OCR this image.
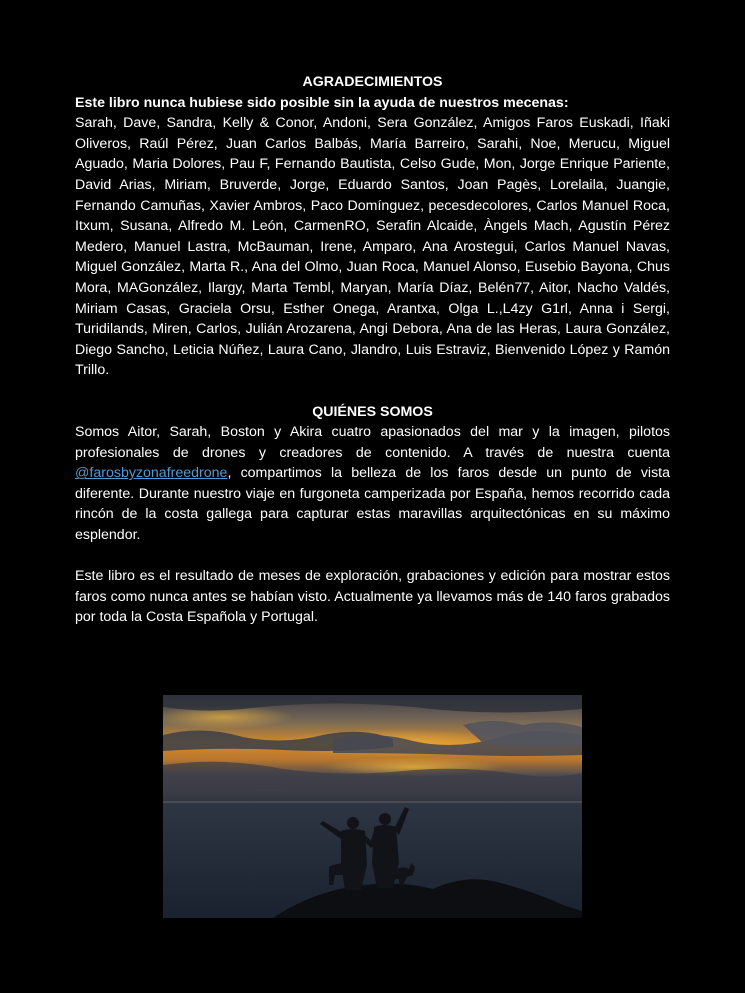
AGRADECIMIENTOS

Este libro nunca hubiese sido posible sin la ayuda de nuestros mecenas:

Sarah, Dave, Sandra, Kelly & Conor, Andoni, Sera González, Amigos Faros Euskadi, Iñaki Oliveros, Raúl Pérez, Juan Carlos Balbás, María Barreiro, Sarahi, Noe, Merucu, Miguel Aguado, Maria Dolores, Pau F, Fernando Bautista, Celso Gude, Mon, Jorge Enrique Pariente, David Arias, Miriam, Bruverde, Jorge, Eduardo Santos, Joan Pagès, Lorelaila, Juangie, Fernando Camuñas, Xavier Ambros, Paco Domínguez, pecesdecolores, Carlos Manuel Roca, Itxum, Susana, Alfredo M. León, CarmenRO, Serafin Alcaide, Àngels Mach, Agustín Pérez Medero, Manuel Lastra, McBauman, Irene, Amparo, Ana Arostegui, Carlos Manuel Navas, Miguel González, Marta R., Ana del Olmo, Juan Roca, Manuel Alonso, Eusebio Bayona, Chus Mora, MAGonzález, Ilargy, Marta Tembl, Maryan, María Díaz, Belén77, Aitor, Nacho Valdés, Miriam Casas, Graciela Orsu, Esther Onega, Arantxa, Olga L.,L4zy G1rl, Anna i Sergi, Turidilands, Miren, Carlos, Julián Arozarena, Angi Debora, Ana de las Heras, Laura González, Diego Sancho, Leticia Núñez, Laura Cano, Jlandro, Luis Estraviz, Bienvenido López y Ramón Trillo.

QUIÉNES SOMOS

Somos Aitor, Sarah, Boston y Akira cuatro apasionados del mar y la imagen, pilotos profesionales de drones y creadores de contenido. A través de nuestra cuenta @farosbyzonafreedrone, compartimos la belleza de los faros desde un punto de vista diferente. Durante nuestro viaje en furgoneta camperizada por España, hemos recorrido cada rincón de la costa gallega para capturar estas maravillas arquitectónicas en su máximo esplendor.

Este libro es el resultado de meses de exploración, grabaciones y edición para mostrar estos faros como nunca antes se habían visto. Actualmente ya llevamos más de 140 faros grabados por toda la Costa Española y Portugal.
